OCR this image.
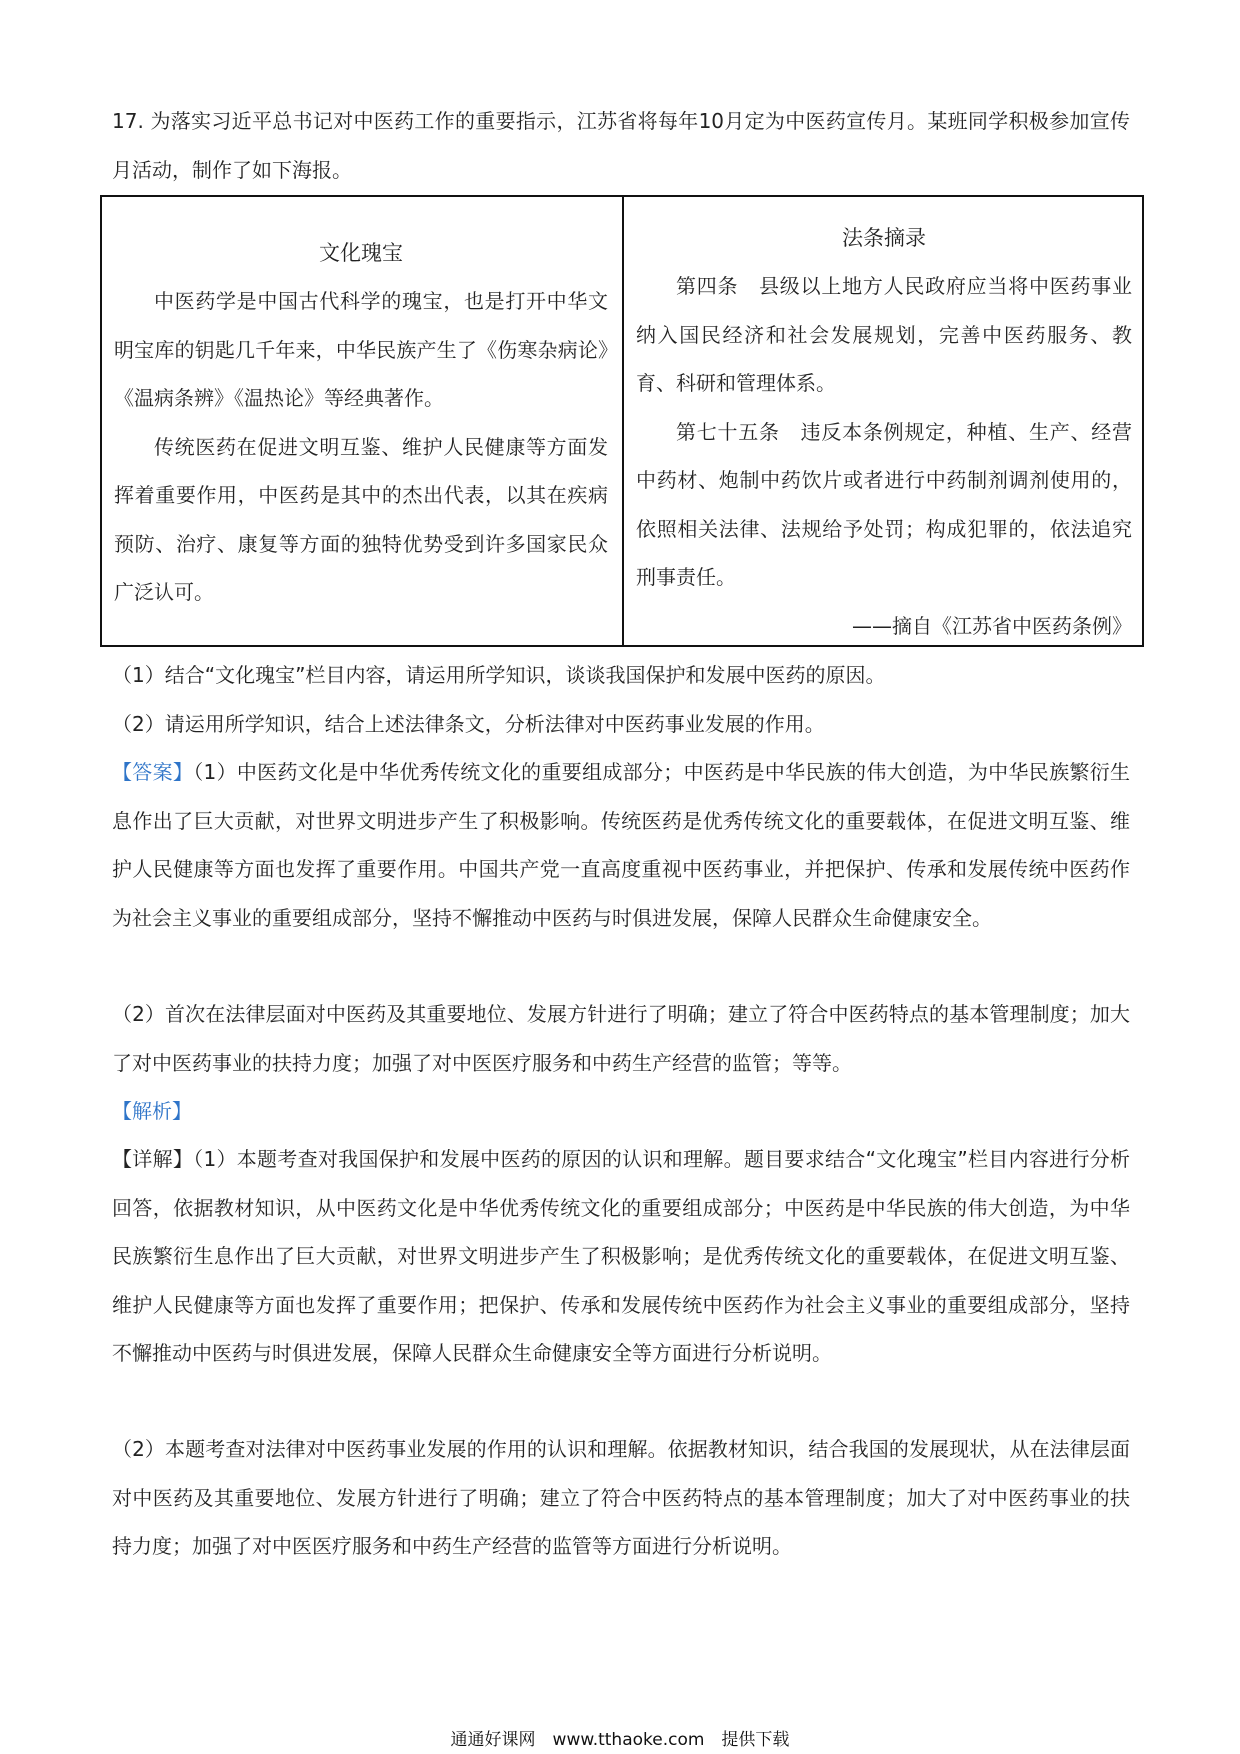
17. 为落实习近平总书记对中医药工作的重要指示，江苏省将每年10月定为中医药宣传月。某班同学积极参加宣传月活动，制作了如下海报。

文化瑰宝

中医药学是中国古代科学的瑰宝，也是打开中华文明宝库的钥匙几千年来，中华民族产生了《伤寒杂病论》《温病条辨》《温热论》等经典著作。

传统医药在促进文明互鉴、维护人民健康等方面发挥着重要作用，中医药是其中的杰出代表，以其在疾病预防、治疗、康复等方面的独特优势受到许多国家民众广泛认可。

法条摘录

第四条　县级以上地方人民政府应当将中医药事业纳入国民经济和社会发展规划，完善中医药服务、教育、科研和管理体系。

第七十五条　违反本条例规定，种植、生产、经营中药材、炮制中药饮片或者进行中药制剂调剂使用的，依照相关法律、法规给予处罚；构成犯罪的，依法追究刑事责任。

——摘自《江苏省中医药条例》

（1）结合“文化瑰宝”栏目内容，请运用所学知识，谈谈我国保护和发展中医药的原因。

（2）请运用所学知识，结合上述法律条文，分析法律对中医药事业发展的作用。

【答案】（1）中医药文化是中华优秀传统文化的重要组成部分；中医药是中华民族的伟大创造，为中华民族繁衍生息作出了巨大贡献，对世界文明进步产生了积极影响。传统医药是优秀传统文化的重要载体，在促进文明互鉴、维护人民健康等方面也发挥了重要作用。中国共产党一直高度重视中医药事业，并把保护、传承和发展传统中医药作为社会主义事业的重要组成部分，坚持不懈推动中医药与时俱进发展，保障人民群众生命健康安全。

（2）首次在法律层面对中医药及其重要地位、发展方针进行了明确；建立了符合中医药特点的基本管理制度；加大了对中医药事业的扶持力度；加强了对中医医疗服务和中药生产经营的监管；等等。

【解析】

【详解】（1）本题考查对我国保护和发展中医药的原因的认识和理解。题目要求结合“文化瑰宝”栏目内容进行分析回答，依据教材知识，从中医药文化是中华优秀传统文化的重要组成部分；中医药是中华民族的伟大创造，为中华民族繁衍生息作出了巨大贡献，对世界文明进步产生了积极影响；是优秀传统文化的重要载体，在促进文明互鉴、维护人民健康等方面也发挥了重要作用；把保护、传承和发展传统中医药作为社会主义事业的重要组成部分，坚持不懈推动中医药与时俱进发展，保障人民群众生命健康安全等方面进行分析说明。

（2）本题考查对法律对中医药事业发展的作用的认识和理解。依据教材知识，结合我国的发展现状，从在法律层面对中医药及其重要地位、发展方针进行了明确；建立了符合中医药特点的基本管理制度；加大了对中医药事业的扶持力度；加强了对中医医疗服务和中药生产经营的监管等方面进行分析说明。

通通好课网　www.tthaoke.com　提供下载
